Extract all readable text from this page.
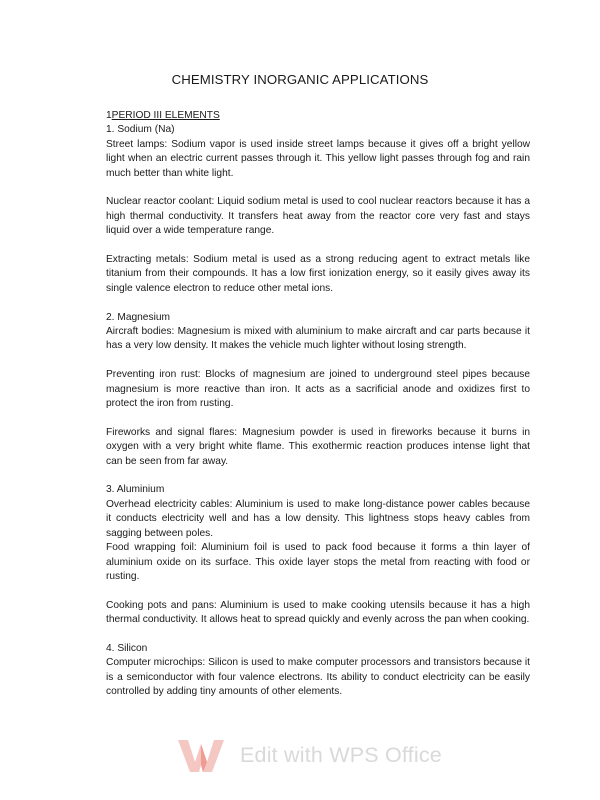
CHEMISTRY INORGANIC APPLICATIONS
1PERIOD III ELEMENTS
1. Sodium (Na)
Street lamps: Sodium vapor is used inside street lamps because it gives off a bright yellow light when an electric current passes through it. This yellow light passes through fog and rain much better than white light.
Nuclear reactor coolant: Liquid sodium metal is used to cool nuclear reactors because it has a high thermal conductivity. It transfers heat away from the reactor core very fast and stays liquid over a wide temperature range.
Extracting metals: Sodium metal is used as a strong reducing agent to extract metals like titanium from their compounds. It has a low first ionization energy, so it easily gives away its single valence electron to reduce other metal ions.
2. Magnesium
Aircraft bodies: Magnesium is mixed with aluminium to make aircraft and car parts because it has a very low density. It makes the vehicle much lighter without losing strength.
Preventing iron rust: Blocks of magnesium are joined to underground steel pipes because magnesium is more reactive than iron. It acts as a sacrificial anode and oxidizes first to protect the iron from rusting.
Fireworks and signal flares: Magnesium powder is used in fireworks because it burns in oxygen with a very bright white flame. This exothermic reaction produces intense light that can be seen from far away.
3. Aluminium
Overhead electricity cables: Aluminium is used to make long-distance power cables because it conducts electricity well and has a low density. This lightness stops heavy cables from sagging between poles.
Food wrapping foil: Aluminium foil is used to pack food because it forms a thin layer of aluminium oxide on its surface. This oxide layer stops the metal from reacting with food or rusting.
Cooking pots and pans: Aluminium is used to make cooking utensils because it has a high thermal conductivity. It allows heat to spread quickly and evenly across the pan when cooking.
4. Silicon
Computer microchips: Silicon is used to make computer processors and transistors because it is a semiconductor with four valence electrons. Its ability to conduct electricity can be easily controlled by adding tiny amounts of other elements.
Edit with WPS Office
